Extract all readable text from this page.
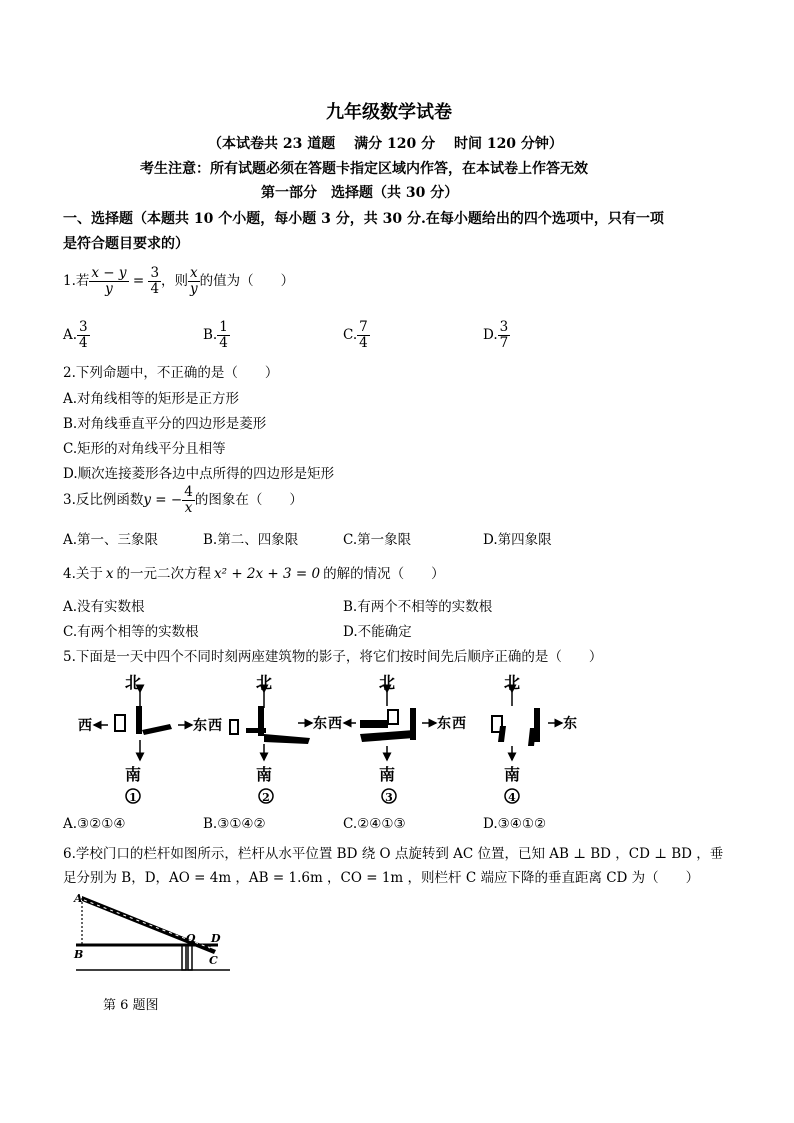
九年级数学试卷
（本试卷共 23 道题　 满分 120 分　 时间 120 分钟）
考生注意：所有试题必须在答题卡指定区域内作答，在本试卷上作答无效
第一部分　选择题（共 30 分）
一、选择题（本题共 10 个小题，每小题 3 分，共 30 分.在每小题给出的四个选项中，只有一项
是符合题目要求的）
1.若 $\frac{x - y}{y} = \frac{3}{4}$ ，则 $\frac{x}{y}$ 的值为（　　）
A. $\frac{3}{4}$	B. $\frac{1}{4}$	C. $\frac{7}{4}$	D. $\frac{3}{7}$
2.下列命题中，不正确的是（　　）
A.对角线相等的矩形是正方形
B.对角线垂直平分的四边形是菱形
C.矩形的对角线平分且相等
D.顺次连接菱形各边中点所得的四边形是矩形
3.反比例函数y = − $\frac{4}{x}$ 的图象在（　　）
A.第一、三象限	B.第二、四象限	C.第一象限	D.第四象限
4.关于 x 的一元二次方程 x² + 2x + 3 = 0 的解的情况（　　）
A.没有实数根	B.有两个不相等的实数根
C.有两个相等的实数根	D.不能确定
5.下面是一天中四个不同时刻两座建筑物的影子，将它们按时间先后顺序正确的是（　　）
北
西
南
1
东 西
北
南
2
东 西
北
南
3
东 西
北
东
南
4
A.③②①④	B.③①④②	C.②④①③	D.③④①②
6.学校门口的栏杆如图所示，栏杆从水平位置 BD 绕 O 点旋转到 AC 位置，已知 AB ⊥ BD ，CD ⊥ BD ，垂
足分别为 B，D，AO = 4m ，AB = 1.6m ，CO = 1m ，则栏杆 C 端应下降的垂直距离 CD 为（　　）
A
B
O D
C
第 6 题图
